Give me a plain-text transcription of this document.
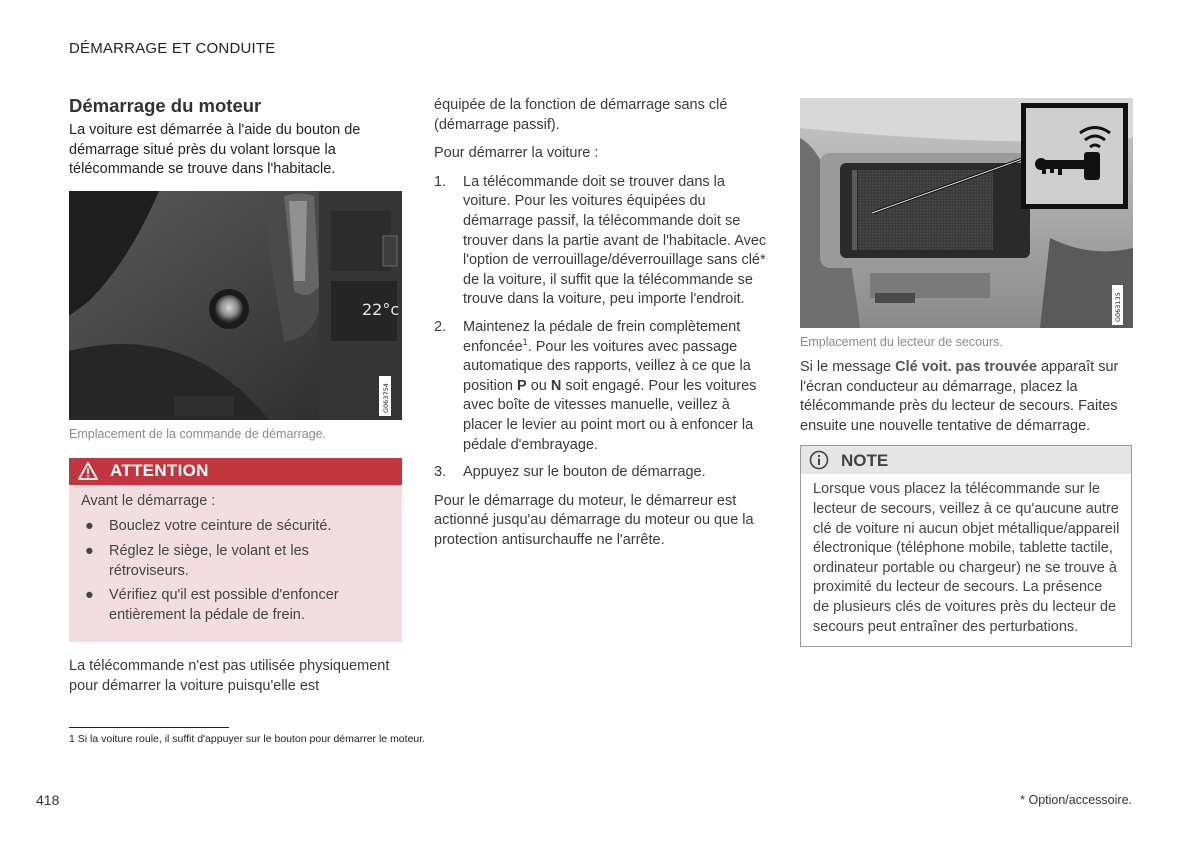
DÉMARRAGE ET CONDUITE
Démarrage du moteur

La voiture est démarrée à l'aide du bouton de démarrage situé près du volant lorsque la télécommande se trouve dans l'habitacle.

22°c
G063754
Emplacement de la commande de démarrage.
ATTENTION

Avant le démarrage :

● Bouclez votre ceinture de sécurité.
● Réglez le siège, le volant et les rétroviseurs.
● Vérifiez qu'il est possible d'enfoncer entièrement la pédale de frein.

La télécommande n'est pas utilisée physiquement pour démarrer la voiture puisqu'elle est

équipée de la fonction de démarrage sans clé (démarrage passif).

Pour démarrer la voiture :

1. La télécommande doit se trouver dans la voiture. Pour les voitures équipées du démarrage passif, la télécommande doit se trouver dans la partie avant de l'habitacle. Avec l'option de verrouillage/déverrouillage sans clé* de la voiture, il suffit que la télécommande se trouve dans la voiture, peu importe l'endroit.
2. Maintenez la pédale de frein complètement enfoncée$^1$. Pour les voitures avec passage automatique des rapports, veillez à ce que la position P ou N soit engagé. Pour les voitures avec boîte de vitesses manuelle, veillez à placer le levier au point mort ou à enfoncer la pédale d'embrayage.
3. Appuyez sur le bouton de démarrage.

Pour le démarrage du moteur, le démarreur est actionné jusqu'au démarrage du moteur ou que la protection antisurchauffe ne l'arrête.

G063135
Emplacement du lecteur de secours.

Si le message Clé voit. pas trouvée apparaît sur l'écran conducteur au démarrage, placez la télécommande près du lecteur de secours. Faites ensuite une nouvelle tentative de démarrage.

NOTE
Lorsque vous placez la télécommande sur le lecteur de secours, veillez à ce qu'aucune autre clé de voiture ni aucun objet métallique/appareil électronique (téléphone mobile, tablette tactile, ordinateur portable ou chargeur) ne se trouve à proximité du lecteur de secours. La présence de plusieurs clés de voitures près du lecteur de secours peut entraîner des perturbations.
1 Si la voiture roule, il suffit d'appuyer sur le bouton pour démarrer le moteur.
418	* Option/accessoire.
